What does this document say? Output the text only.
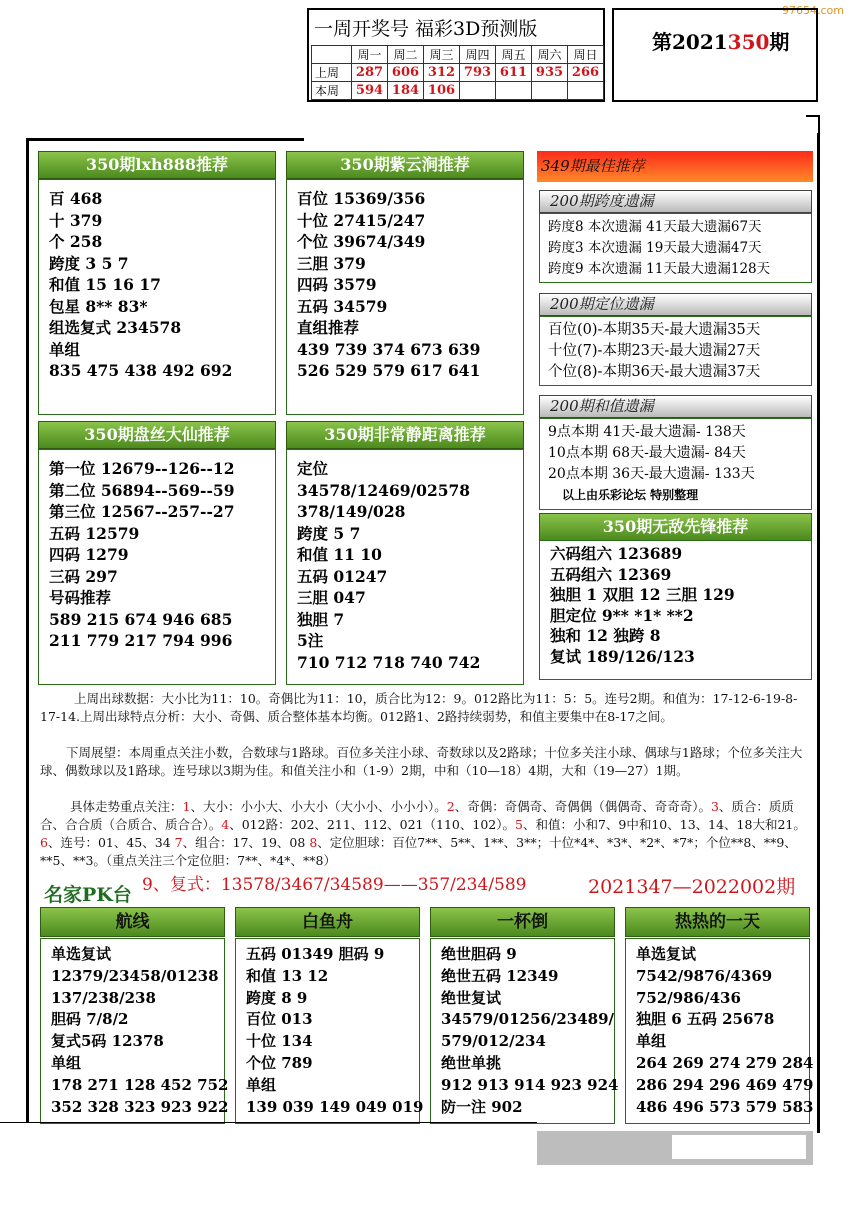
97654.com
一周开奖号 福彩3D预测版
	周一	周二	周三	周四	周五	周六	周日
上周	287	606	312	793	611	935	266
本周	594	184	106				
第2021350期
350期lxh888推荐
百 468
十 379
个 258
跨度 3 5 7
和值 15 16 17
包星 8** 83*
组选复式 234578
单组
835 475 438 492 692
350期紫云涧推荐
百位 15369/356
十位 27415/247
个位 39674/349
三胆 379
四码 3579
五码 34579
直组推荐
439 739 374 673 639
526 529 579 617 641
349期最佳推荐
200期跨度遗漏
跨度8 本次遗漏 41天最大遗漏67天
跨度3 本次遗漏 19天最大遗漏47天
跨度9 本次遗漏 11天最大遗漏128天
200期定位遗漏
百位(0)-本期35天-最大遗漏35天
十位(7)-本期23天-最大遗漏27天
个位(8)-本期36天-最大遗漏37天
200期和值遗漏
9点本期 41天-最大遗漏- 138天
10点本期 68天-最大遗漏- 84天
20点本期 36天-最大遗漏- 133天
以上由乐彩论坛 特别整理
350期盘丝大仙推荐
第一位 12679--126--12
第二位 56894--569--59
第三位 12567--257--27
五码 12579
四码 1279
三码 297
号码推荐
589 215 674 946 685
211 779 217 794 996
350期非常静距离推荐
定位
34578/12469/02578
378/149/028
跨度 5 7
和值 11 10
五码 01247
三胆 047
独胆 7
5注
710 712 718 740 742
350期无敌先锋推荐
六码组六 123689
五码组六 12369
独胆 1 双胆 12 三胆 129
胆定位 9** *1* **2
独和 12 独跨 8
复试 189/126/123
上周出球数据：大小比为11：10。奇偶比为11：10，质合比为12：9。012路比为11：5：5。连号2期。和值为：17-12-6-19-8-17-14.上周出球特点分析：大小、奇偶、质合整体基本均衡。012路1、2路持续弱势，和值主要集中在8-17之间。
下周展望：本周重点关注小数，合数球与1路球。百位多关注小球、奇数球以及2路球；十位多关注小球、偶球与1路球；个位多关注大球、偶数球以及1路球。连号球以3期为佳。和值关注小和（1-9）2期，中和（10—18）4期，大和（19—27）1期。
具体走势重点关注：1、大小：小小大、小大小（大小小、小小小）。2、奇偶：奇偶奇、奇偶偶（偶偶奇、奇奇奇）。3、质合：质质合、合合质（合质合、质合合）。4、012路：202、211、112、021（110、102）。5、和值：小和7、9中和10、13、14、18大和21。6、连号：01、45、34 7、组合：17、19、08 8、定位胆球：百位7**、5**、1**、3**；十位*4*、*3*、*2*、*7*；个位**8、**9、**5、**3。（重点关注三个定位胆：7**、*4*、**8）
名家PK台 9、复式：13578/3467/34589——357/234/589	2021347—2022002期
航线
单选复试
12379/23458/01238
137/238/238
胆码 7/8/2
复式5码 12378
单组
178 271 128 452 752
352 328 323 923 922
白鱼舟
五码 01349 胆码 9
和值 13 12
跨度 8 9
百位 013
十位 134
个位 789
单组
139 039 149 049 019
一杯倒
绝世胆码 9
绝世五码 12349
绝世复试
34579/01256/23489/
579/012/234
绝世单挑
912 913 914 923 924
防一注 902
热热的一天
单选复试
7542/9876/4369
752/986/436
独胆 6 五码 25678
单组
264 269 274 279 284
286 294 296 469 479
486 496 573 579 583
